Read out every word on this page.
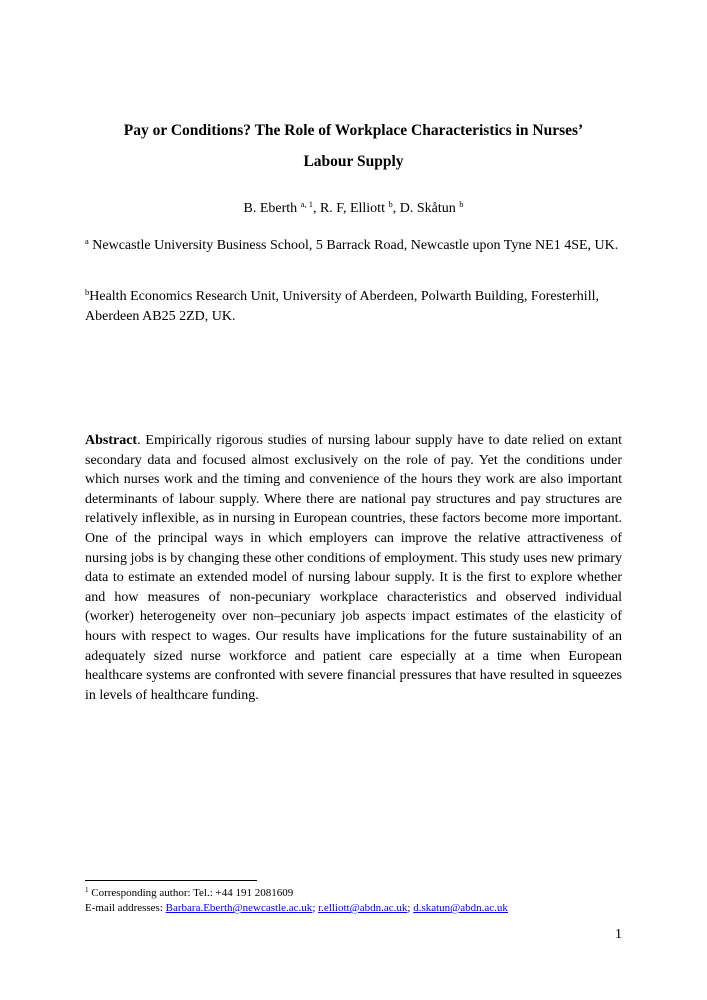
Pay or Conditions? The Role of Workplace Characteristics in Nurses’
Labour Supply
B. Eberth $^{a, 1}$, R. F, Elliott $^b$, D. Skåtun $^b$
$^a$ Newcastle University Business School, 5 Barrack Road, Newcastle upon Tyne NE1 4SE, UK.
$^b$Health Economics Research Unit, University of Aberdeen, Polwarth Building, Foresterhill, Aberdeen AB25 2ZD, UK.
Abstract. Empirically rigorous studies of nursing labour supply have to date relied on extant secondary data and focused almost exclusively on the role of pay. Yet the conditions under which nurses work and the timing and convenience of the hours they work are also important determinants of labour supply. Where there are national pay structures and pay structures are relatively inflexible, as in nursing in European countries, these factors become more important. One of the principal ways in which employers can improve the relative attractiveness of nursing jobs is by changing these other conditions of employment. This study uses new primary data to estimate an extended model of nursing labour supply. It is the first to explore whether and how measures of non-pecuniary workplace characteristics and observed individual (worker) heterogeneity over non–pecuniary job aspects impact estimates of the elasticity of hours with respect to wages. Our results have implications for the future sustainability of an adequately sized nurse workforce and patient care especially at a time when European healthcare systems are confronted with severe financial pressures that have resulted in squeezes in levels of healthcare funding.
$^1$ Corresponding author: Tel.: +44 191 2081609
E-mail addresses: Barbara.Eberth@newcastle.ac.uk; r.elliott@abdn.ac.uk; d.skatun@abdn.ac.uk
1
